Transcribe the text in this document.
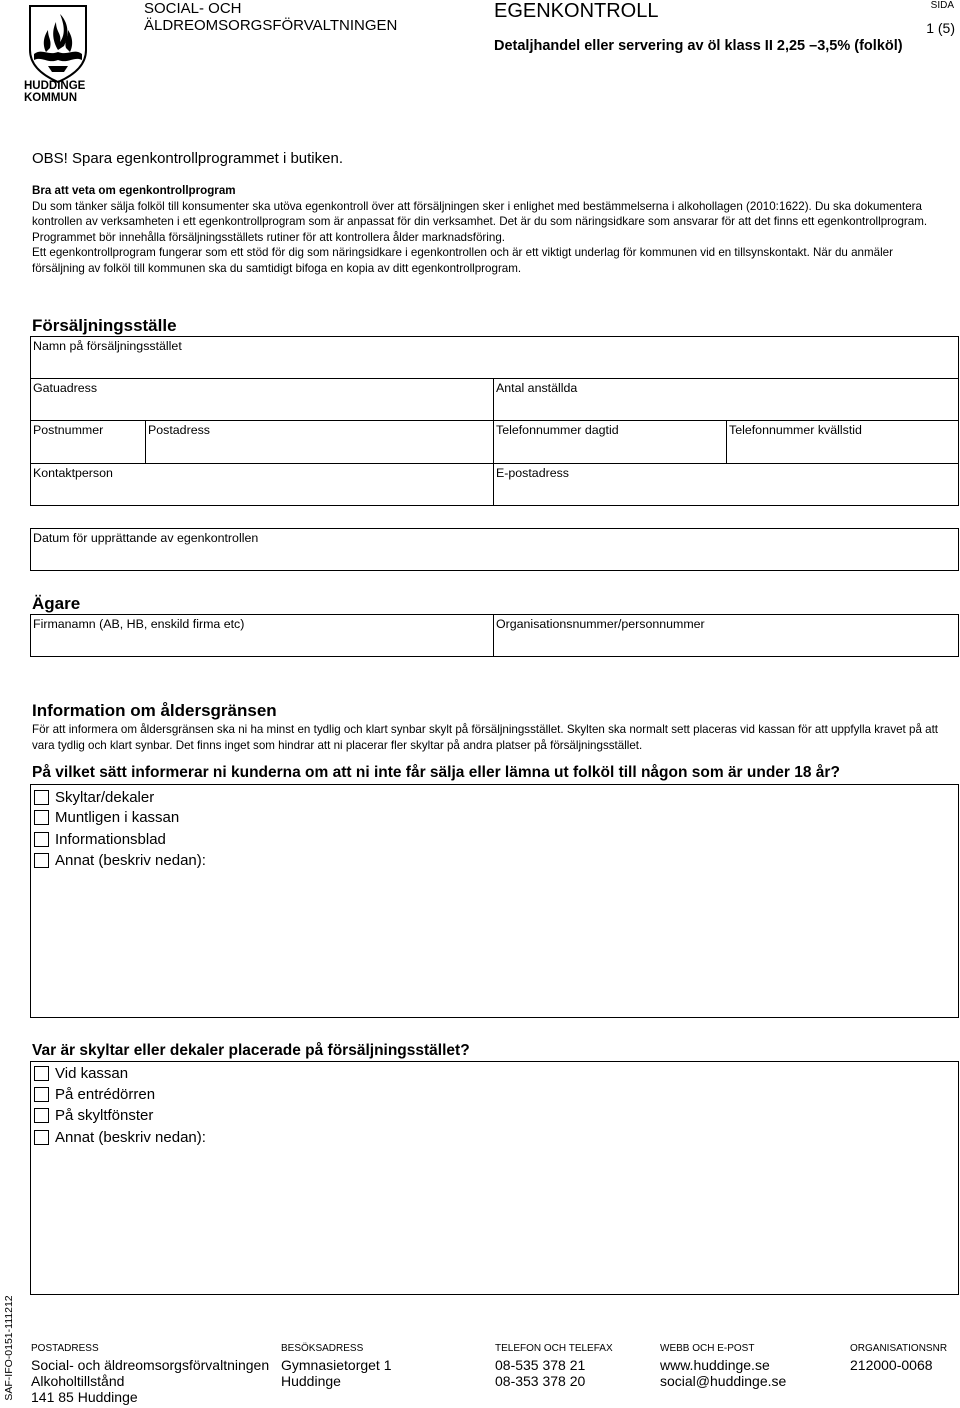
HUDDINGE
KOMMUN
SOCIAL- OCH
ÄLDREOMSORGSFÖRVALTNINGEN
EGENKONTROLL	SIDA
1 (5)
Detaljhandel eller servering av öl klass II 2,25 –3,5% (folköl)
OBS! Spara egenkontrollprogrammet i butiken.
Bra att veta om egenkontrollprogram
Du som tänker sälja folköl till konsumenter ska utöva egenkontroll över att försäljningen sker i enlighet med bestämmelserna i alkohollagen (2010:1622). Du ska dokumentera kontrollen av verksamheten i ett egenkontrollprogram som är anpassat för din verksamhet. Det är du som näringsidkare som ansvarar för att det finns ett egenkontrollprogram. Programmet bör innehålla försäljningsställets rutiner för att kontrollera ålder marknadsföring.
Ett egenkontrollprogram fungerar som ett stöd för dig som näringsidkare i egenkontrollen och är ett viktigt underlag för kommunen vid en tillsynskontakt. När du anmäler försäljning av folköl till kommunen ska du samtidigt bifoga en kopia av ditt egenkontrollprogram.
Försäljningsställe
Namn på försäljningsstället
Gatuadress	Antal anställda
Postnummer	Postadress	Telefonnummer dagtid	Telefonnummer kvällstid
Kontaktperson	E-postadress
Datum för upprättande av egenkontrollen
Ägare
Firmanamn (AB, HB, enskild firma etc)	Organisationsnummer/personnummer
Information om åldersgränsen
För att informera om åldersgränsen ska ni ha minst en tydlig och klart synbar skylt på försäljningsstället. Skylten ska normalt sett placeras vid kassan för att uppfylla kravet på att vara tydlig och klart synbar. Det finns inget som hindrar att ni placerar fler skyltar på andra platser på försäljningsstället.
På vilket sätt informerar ni kunderna om att ni inte får sälja eller lämna ut folköl till någon som är under 18 år?
Skyltar/dekaler
Muntligen i kassan
Informationsblad
Annat (beskriv nedan):
Var är skyltar eller dekaler placerade på försäljningsstället?
Vid kassan
På entrédörren
På skyltfönster
Annat (beskriv nedan):
SAF-IFO-0151-111212 POSTADRESS
Social- och äldreomsorgsförvaltningen
Alkoholtillstånd
141 85 Huddinge
BESÖKSADRESS
Gymnasietorget 1
Huddinge
TELEFON OCH TELEFAX
08-535 378 21
08-353 378 20
WEBB OCH E-POST
www.huddinge.se
social@huddinge.se
ORGANISATIONSNR
212000-0068
